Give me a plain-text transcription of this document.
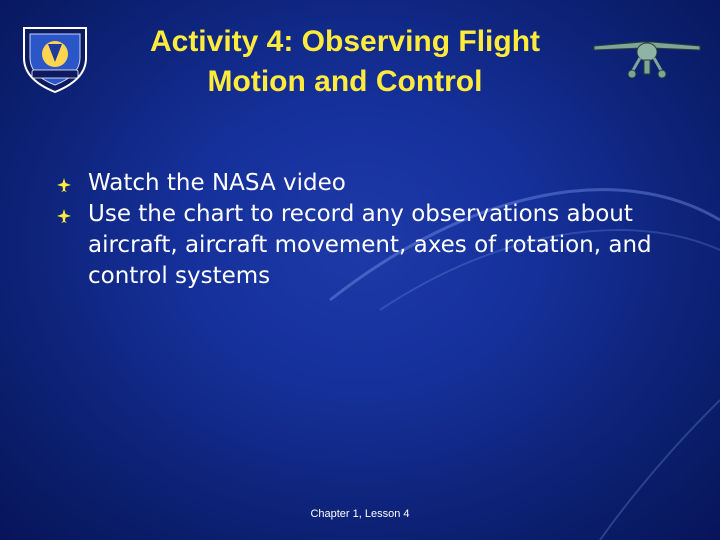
Activity 4: Observing Flight
Motion and Control
Watch the NASA video
Use the chart to record any observations about aircraft, aircraft movement, axes of rotation, and control systems
Chapter 1, Lesson 4
